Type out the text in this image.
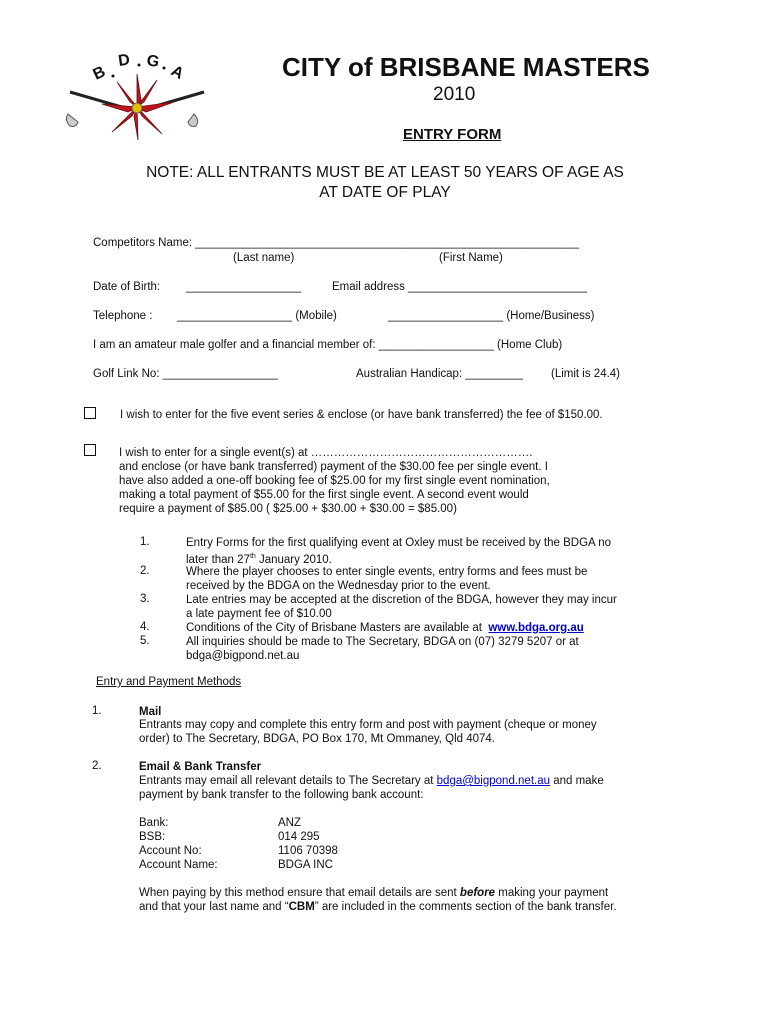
B
D G
A	CITY of BRISBANE MASTERS
2010
ENTRY FORM
NOTE: ALL ENTRANTS MUST BE AT LEAST 50 YEARS OF AGE AS
AT DATE OF PLAY
Competitors Name: ____________________________________________________________
(Last name)	(First Name)
Date of Birth: __________________	Email address ____________________________
Telephone : __________________ (Mobile)	__________________ (Home/Business)
I am an amateur male golfer and a financial member of: __________________ (Home Club)
Golf Link No: __________________	Australian Handicap: _________ (Limit is 24.4)
I wish to enter for the five event series & enclose (or have bank transferred) the fee of $150.00.
I wish to enter for a single event(s) at ………………………………………………….
and enclose (or have bank transferred) payment of the $30.00 fee per single event. I
have also added a one-off booking fee of $25.00 for my first single event nomination,
making a total payment of $55.00 for the first single event. A second event would
require a payment of $85.00 ( $25.00 + $30.00 + $30.00 = $85.00)
1.	Entry Forms for the first qualifying event at Oxley must be received by the BDGA no
later than 27th January 2010.
2.	Where the player chooses to enter single events, entry forms and fees must be
received by the BDGA on the Wednesday prior to the event.
3.	Late entries may be accepted at the discretion of the BDGA, however they may incur
a late payment fee of $10.00
4.	Conditions of the City of Brisbane Masters are available at www.bdga.org.au
5.	All inquiries should be made to The Secretary, BDGA on (07) 3279 5207 or at
bdga@bigpond.net.au
Entry and Payment Methods
1.	Mail
Entrants may copy and complete this entry form and post with payment (cheque or money
order) to The Secretary, BDGA, PO Box 170, Mt Ommaney, Qld 4074.
2.	Email & Bank Transfer
Entrants may email all relevant details to The Secretary at bdga@bigpond.net.au and make
payment by bank transfer to the following bank account:
Bank:	ANZ
BSB:	014 295
Account No:	1106 70398
Account Name:	BDGA INC
When paying by this method ensure that email details are sent before making your payment
and that your last name and “CBM” are included in the comments section of the bank transfer.
